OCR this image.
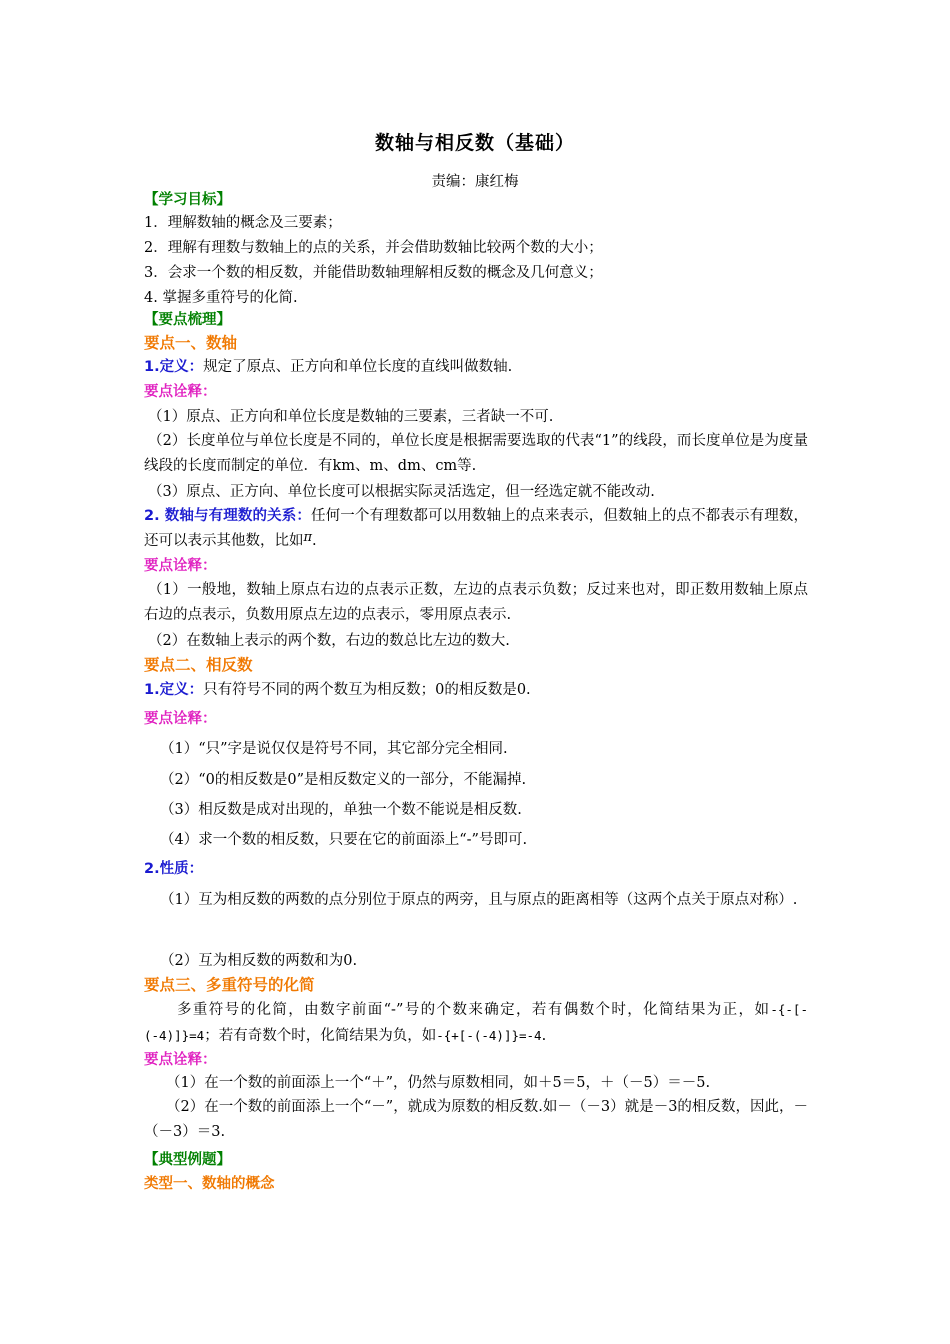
数轴与相反数（基础）
责编：康红梅
【学习目标】
1．理解数轴的概念及三要素；
2．理解有理数与数轴上的点的关系，并会借助数轴比较两个数的大小；
3．会求一个数的相反数，并能借助数轴理解相反数的概念及几何意义；
4. 掌握多重符号的化简.
【要点梳理】
要点一、数轴
1.定义：规定了原点、正方向和单位长度的直线叫做数轴.
要点诠释：
（1）原点、正方向和单位长度是数轴的三要素，三者缺一不可.
（2）长度单位与单位长度是不同的，单位长度是根据需要选取的代表“1”的线段，而长度单位是为度量线段的长度而制定的单位．有km、m、dm、cm等.
（3）原点、正方向、单位长度可以根据实际灵活选定，但一经选定就不能改动.
2. 数轴与有理数的关系：任何一个有理数都可以用数轴上的点来表示，但数轴上的点不都表示有理数，还可以表示其他数，比如π.
要点诠释：
（1）一般地，数轴上原点右边的点表示正数，左边的点表示负数；反过来也对，即正数用数轴上原点右边的点表示，负数用原点左边的点表示，零用原点表示.
（2）在数轴上表示的两个数，右边的数总比左边的数大.
要点二、相反数
1.定义：只有符号不同的两个数互为相反数；0的相反数是0.
要点诠释：
（1）“只”字是说仅仅是符号不同，其它部分完全相同.
（2）“0的相反数是0”是相反数定义的一部分，不能漏掉.
（3）相反数是成对出现的，单独一个数不能说是相反数.
（4）求一个数的相反数，只要在它的前面添上“-”号即可.
2.性质：
（1）互为相反数的两数的点分别位于原点的两旁，且与原点的距离相等（这两个点关于原点对称）.
（2）互为相反数的两数和为0.
要点三、多重符号的化简
多重符号的化简，由数字前面“-”号的个数来确定，若有偶数个时，化简结果为正，如-{-[-(-4)]}=4；若有奇数个时，化简结果为负，如-{+[-(-4)]}=-4.
要点诠释：
（1）在一个数的前面添上一个“＋”，仍然与原数相同，如＋5＝5，＋（－5）＝－5.
（2）在一个数的前面添上一个“－”，就成为原数的相反数.如－（－3）就是－3的相反数，因此，－（－3）＝3.
【典型例题】
类型一、数轴的概念
